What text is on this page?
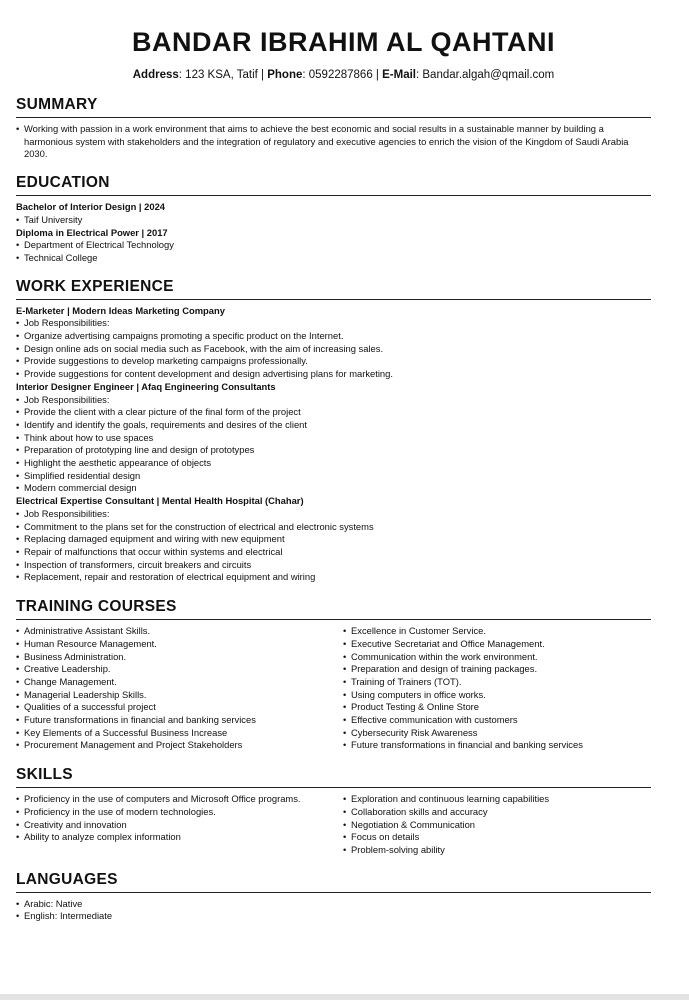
BANDAR IBRAHIM AL QAHTANI
Address: 123 KSA, Tatif | Phone: 0592287866 | E-Mail: Bandar.algah@qmail.com
SUMMARY
• Working with passion in a work environment that aims to achieve the best economic and social results in a sustainable manner by building a harmonious system with stakeholders and the integration of regulatory and executive agencies to enrich the vision of the Kingdom of Saudi Arabia 2030.
EDUCATION
Bachelor of Interior Design | 2024
• Taif University
Diploma in Electrical Power | 2017
• Department of Electrical Technology
• Technical College
WORK EXPERIENCE
E-Marketer | Modern Ideas Marketing Company
• Job Responsibilities:
• Organize advertising campaigns promoting a specific product on the Internet.
• Design online ads on social media such as Facebook, with the aim of increasing sales.
• Provide suggestions to develop marketing campaigns professionally.
• Provide suggestions for content development and design advertising plans for marketing.
Interior Designer Engineer | Afaq Engineering Consultants
• Job Responsibilities:
• Provide the client with a clear picture of the final form of the project
• Identify and identify the goals, requirements and desires of the client
• Think about how to use spaces
• Preparation of prototyping line and design of prototypes
• Highlight the aesthetic appearance of objects
• Simplified residential design
• Modern commercial design
Electrical Expertise Consultant | Mental Health Hospital (Chahar)
• Job Responsibilities:
• Commitment to the plans set for the construction of electrical and electronic systems
• Replacing damaged equipment and wiring with new equipment
• Repair of malfunctions that occur within systems and electrical
• Inspection of transformers, circuit breakers and circuits
• Replacement, repair and restoration of electrical equipment and wiring
TRAINING COURSES
• Administrative Assistant Skills.
• Human Resource Management.
• Business Administration.
• Creative Leadership.
• Change Management.
• Managerial Leadership Skills.
• Qualities of a successful project
• Future transformations in financial and banking services
• Key Elements of a Successful Business Increase
• Procurement Management and Project Stakeholders
• Excellence in Customer Service.
• Executive Secretariat and Office Management.
• Communication within the work environment.
• Preparation and design of training packages.
• Training of Trainers (TOT).
• Using computers in office works.
• Product Testing & Online Store
• Effective communication with customers
• Cybersecurity Risk Awareness
• Future transformations in financial and banking services
SKILLS
• Proficiency in the use of computers and Microsoft Office programs.
• Proficiency in the use of modern technologies.
• Creativity and innovation
• Ability to analyze complex information
• Exploration and continuous learning capabilities
• Collaboration skills and accuracy
• Negotiation & Communication
• Focus on details
• Problem-solving ability
LANGUAGES
• Arabic: Native
• English: Intermediate
